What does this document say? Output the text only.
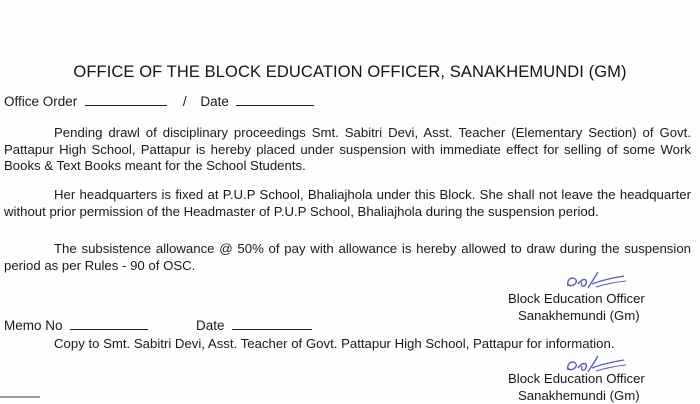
OFFICE OF THE BLOCK EDUCATION OFFICER, SANAKHEMUNDI (GM)
Office Order	/ Date

Pending drawl of disciplinary proceedings Smt. Sabitri Devi, Asst. Teacher (Elementary Section) of Govt. Pattapur High School, Pattapur is hereby placed under suspension with immediate effect for selling of some Work Books & Text Books meant for the School Students.

Her headquarters is fixed at P.U.P School, Bhaliajhola under this Block. She shall not leave the headquarter without prior permission of the Headmaster of P.U.P School, Bhaliajhola during the suspension period.

The subsistence allowance @ 50% of pay with allowance is hereby allowed to draw during the suspension period as per Rules - 90 of OSC.

Block Education Officer
Sanakhemundi (Gm)
Memo No	Date
Copy to Smt. Sabitri Devi, Asst. Teacher of Govt. Pattapur High School, Pattapur for information.
Block Education Officer
Sanakhemundi (Gm)
